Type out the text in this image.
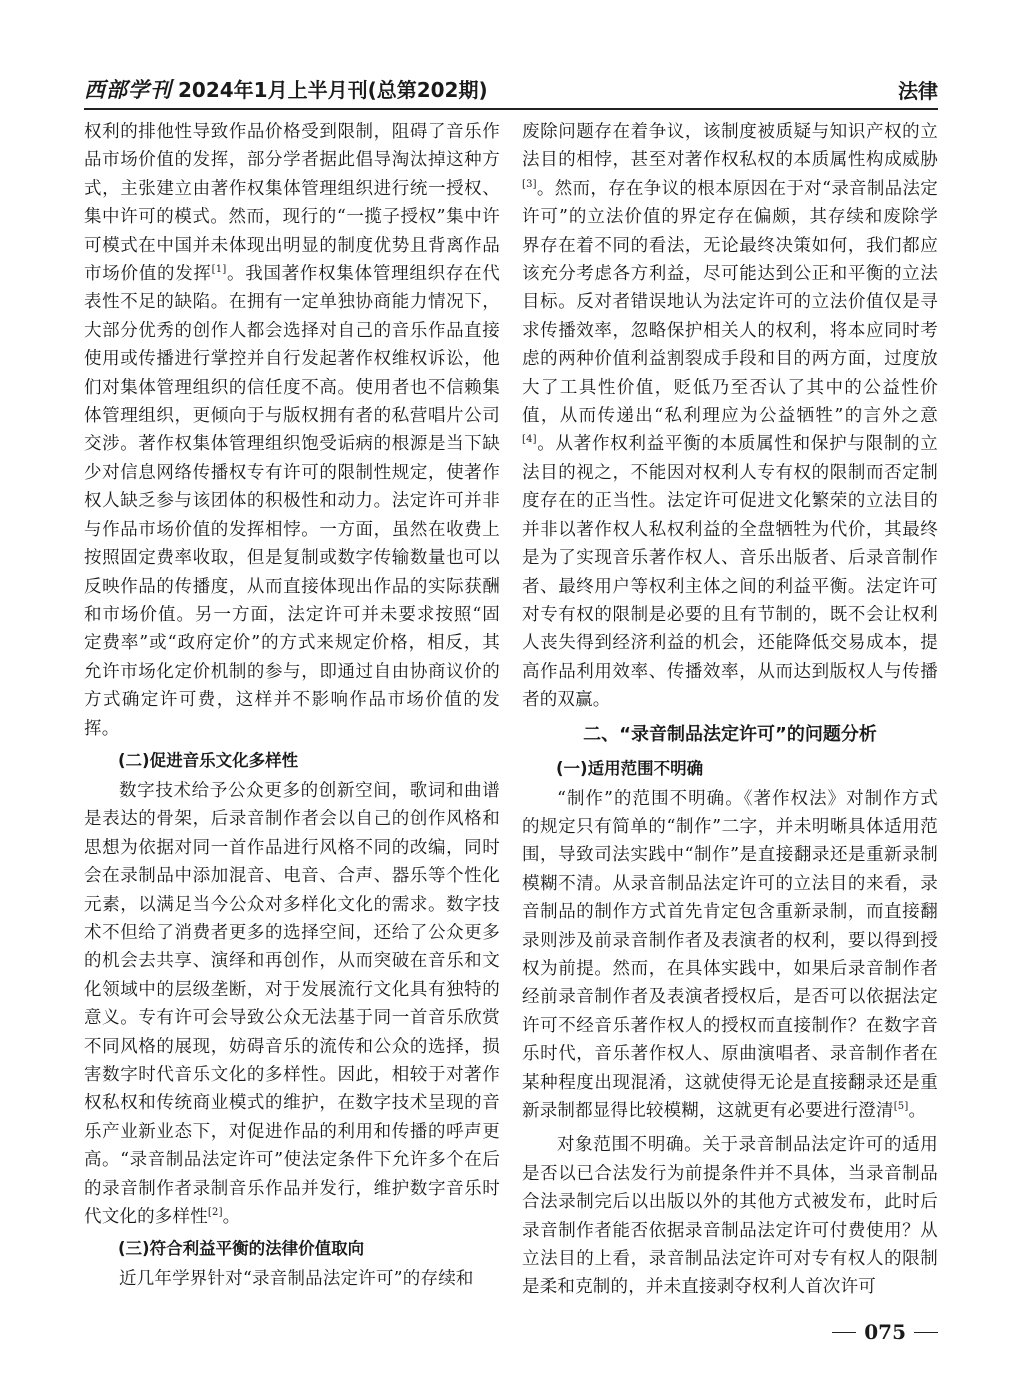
西部学刊 2024年1月上半月刊(总第202期)	法律

权利的排他性导致作品价格受到限制，阻碍了音乐作品市场价值的发挥，部分学者据此倡导淘汰掉这种方式，主张建立由著作权集体管理组织进行统一授权、集中许可的模式。然而，现行的“一揽子授权”集中许可模式在中国并未体现出明显的制度优势且背离作品市场价值的发挥[1]。我国著作权集体管理组织存在代表性不足的缺陷。在拥有一定单独协商能力情况下，大部分优秀的创作人都会选择对自己的音乐作品直接使用或传播进行掌控并自行发起著作权维权诉讼，他们对集体管理组织的信任度不高。使用者也不信赖集体管理组织，更倾向于与版权拥有者的私营唱片公司交涉。著作权集体管理组织饱受诟病的根源是当下缺少对信息网络传播权专有许可的限制性规定，使著作权人缺乏参与该团体的积极性和动力。法定许可并非与作品市场价值的发挥相悖。一方面，虽然在收费上按照固定费率收取，但是复制或数字传输数量也可以反映作品的传播度，从而直接体现出作品的实际获酬和市场价值。另一方面，法定许可并未要求按照“固定费率”或“政府定价”的方式来规定价格，相反，其允许市场化定价机制的参与，即通过自由协商议价的方式确定许可费，这样并不影响作品市场价值的发挥。

(二)促进音乐文化多样性

数字技术给予公众更多的创新空间，歌词和曲谱是表达的骨架，后录音制作者会以自己的创作风格和思想为依据对同一首作品进行风格不同的改编，同时会在录制品中添加混音、电音、合声、器乐等个性化元素，以满足当今公众对多样化文化的需求。数字技术不但给了消费者更多的选择空间，还给了公众更多的机会去共享、演绎和再创作，从而突破在音乐和文化领域中的层级垄断，对于发展流行文化具有独特的意义。专有许可会导致公众无法基于同一首音乐欣赏不同风格的展现，妨碍音乐的流传和公众的选择，损害数字时代音乐文化的多样性。因此，相较于对著作权私权和传统商业模式的维护，在数字技术呈现的音乐产业新业态下，对促进作品的利用和传播的呼声更高。“录音制品法定许可”使法定条件下允许多个在后的录音制作者录制音乐作品并发行，维护数字音乐时代文化的多样性[2]。

(三)符合利益平衡的法律价值取向

近几年学界针对“录音制品法定许可”的存续和

废除问题存在着争议，该制度被质疑与知识产权的立法目的相悖，甚至对著作权私权的本质属性构成威胁[3]。然而，存在争议的根本原因在于对“录音制品法定许可”的立法价值的界定存在偏颇，其存续和废除学界存在着不同的看法，无论最终决策如何，我们都应该充分考虑各方利益，尽可能达到公正和平衡的立法目标。反对者错误地认为法定许可的立法价值仅是寻求传播效率，忽略保护相关人的权利，将本应同时考虑的两种价值利益割裂成手段和目的两方面，过度放大了工具性价值，贬低乃至否认了其中的公益性价值，从而传递出“私利理应为公益牺牲”的言外之意[4]。从著作权利益平衡的本质属性和保护与限制的立法目的视之，不能因对权利人专有权的限制而否定制度存在的正当性。法定许可促进文化繁荣的立法目的并非以著作权人私权利益的全盘牺牲为代价，其最终是为了实现音乐著作权人、音乐出版者、后录音制作者、最终用户等权利主体之间的利益平衡。法定许可对专有权的限制是必要的且有节制的，既不会让权利人丧失得到经济利益的机会，还能降低交易成本，提高作品利用效率、传播效率，从而达到版权人与传播者的双赢。

二、“录音制品法定许可”的问题分析

(一)适用范围不明确

“制作”的范围不明确。《著作权法》对制作方式的规定只有简单的“制作”二字，并未明晰具体适用范围，导致司法实践中“制作”是直接翻录还是重新录制模糊不清。从录音制品法定许可的立法目的来看，录音制品的制作方式首先肯定包含重新录制，而直接翻录则涉及前录音制作者及表演者的权利，要以得到授权为前提。然而，在具体实践中，如果后录音制作者经前录音制作者及表演者授权后，是否可以依据法定许可不经音乐著作权人的授权而直接制作？在数字音乐时代，音乐著作权人、原曲演唱者、录音制作者在某种程度出现混淆，这就使得无论是直接翻录还是重新录制都显得比较模糊，这就更有必要进行澄清[5]。

对象范围不明确。关于录音制品法定许可的适用是否以已合法发行为前提条件并不具体，当录音制品合法录制完后以出版以外的其他方式被发布，此时后录音制作者能否依据录音制品法定许可付费使用？从立法目的上看，录音制品法定许可对专有权人的限制是柔和克制的，并未直接剥夺权利人首次许可

075
